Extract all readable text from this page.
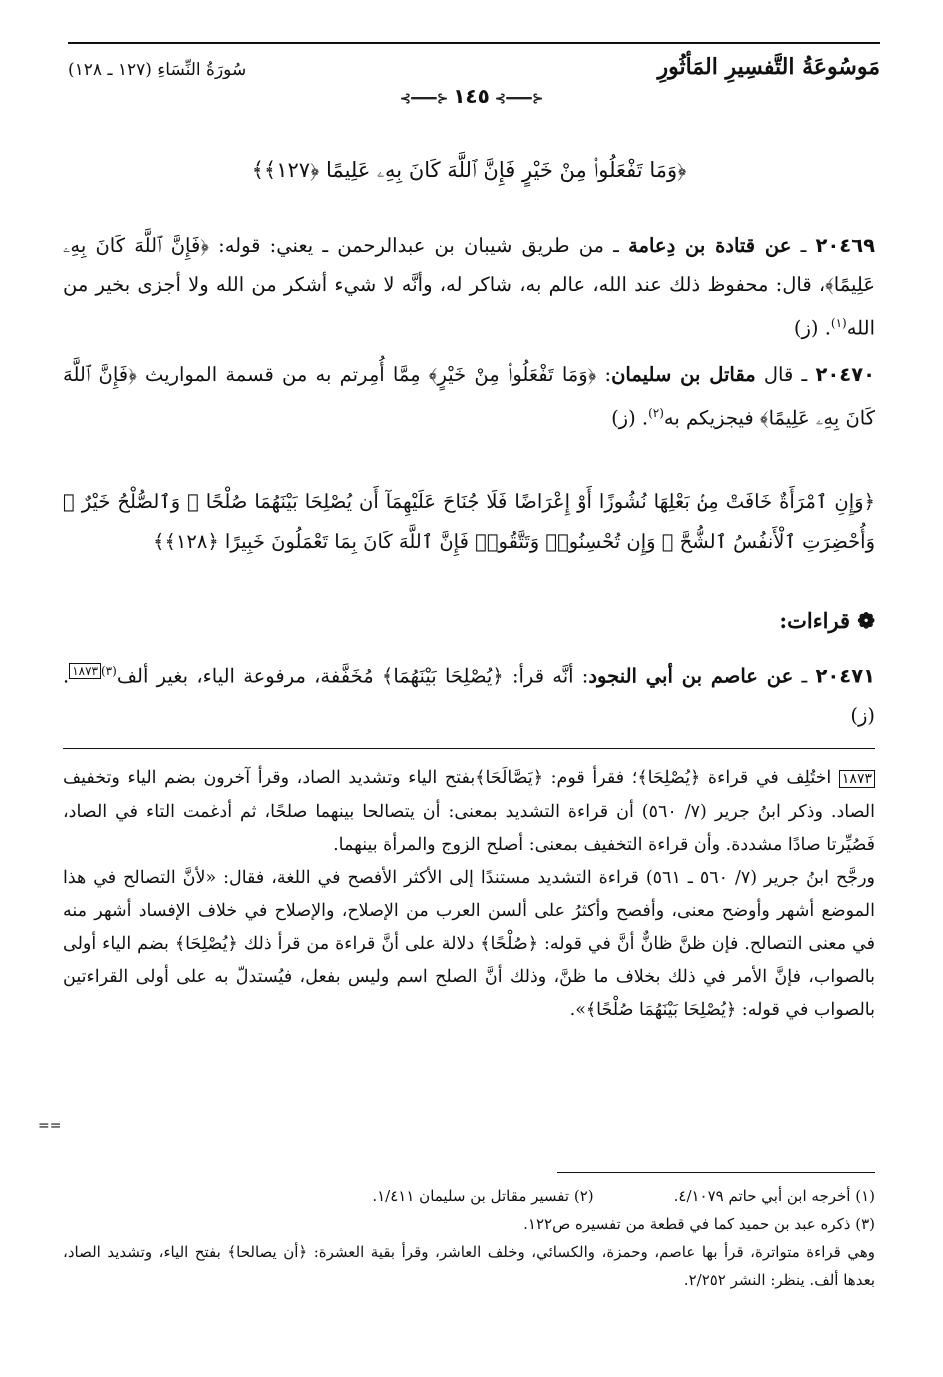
مَوسُوعَةُ التَّفسِيرِ المَأثُورِ
سُورَةُ النِّسَاءِ (١٢٧ ـ ١٢٨)
⊰━━━⊱ ١٤٥ ⊰━━━⊱
﴿وَمَا تَفْعَلُوا۟ مِنْ خَيْرٍ فَإِنَّ ٱللَّهَ كَانَ بِهِۦ عَلِيمًا ﴿١٢٧﴾﴾

٢٠٤٦٩ ـ عن قتادة بن دِعامة ـ من طريق شيبان بن عبدالرحمن ـ يعني: قوله: ﴿فَإِنَّ ٱللَّهَ كَانَ بِهِۦ عَلِيمًا﴾، قال: محفوظ ذلك عند الله، عالم به، شاكر له، وأنَّه لا شيء أشكر من الله ولا أجزى بخير من الله$^{(١)}$. (ز)

٢٠٤٧٠ ـ قال مقاتل بن سليمان: ﴿وَمَا تَفْعَلُوا۟ مِنْ خَيْرٍ﴾ مِمَّا أُمِرتم به من قسمة المواريث ﴿فَإِنَّ ٱللَّهَ كَانَ بِهِۦ عَلِيمًا﴾ فيجزيكم به$^{(٢)}$. (ز)

﴿وَإِنِ ٱمْرَأَةٌ خَافَتْ مِنۢ بَعْلِهَا نُشُوزًا أَوْ إِعْرَاضًا فَلَا جُنَاحَ عَلَيْهِمَآ أَن يُصْلِحَا بَيْنَهُمَا صُلْحًا ۚ وَٱلصُّلْحُ خَيْرٌ ۗ وَأُحْضِرَتِ ٱلْأَنفُسُ ٱلشُّحَّ ۚ وَإِن تُحْسِنُوا۟ وَتَتَّقُوا۟ فَإِنَّ ٱللَّهَ كَانَ بِمَا تَعْمَلُونَ خَبِيرًا ﴿١٢٨﴾﴾
❁ قراءات:

٢٠٤٧١ ـ عن عاصم بن أبي النجود: أنَّه قرأ: ﴿يُصْلِحَا بَيْنَهُمَا﴾ مُخَفَّفة، مرفوعة الياء، بغير ألف$^{(٣)١٨٧٣}$. (ز)

١٨٧٣ اختُلِف في قراءة ﴿يُصْلِحَا﴾؛ فقرأ قوم: ﴿يَصَّالَحَا﴾بفتح الياء وتشديد الصاد، وقرأ آخرون بضم الياء وتخفيف الصاد. وذكر ابنُ جرير (٧/ ٥٦٠) أن قراءة التشديد بمعنى: أن يتصالحا بينهما صلحًا، ثم أدغمت التاء في الصاد، فَصُيِّرتا صادًا مشددة. وأن قراءة التخفيف بمعنى: أصلح الزوج والمرأة بينهما.

ورجَّح ابنُ جرير (٧/ ٥٦٠ ـ ٥٦١) قراءة التشديد مستندًا إلى الأكثر الأفصح في اللغة، فقال: «لأنَّ التصالح في هذا الموضع أشهر وأوضح معنى، وأفصح وأكثرُ على ألسن العرب من الإصلاح، والإصلاح في خلاف الإفساد أشهر منه في معنى التصالح. فإن ظنَّ ظانٌّ أنَّ في قوله: ﴿صُلْحًا﴾ دلالة على أنَّ قراءة من قرأ ذلك ﴿يُصْلِحَا﴾ بضم الياء أولى بالصواب، فإنَّ الأمر في ذلك بخلاف ما ظنَّ، وذلك أنَّ الصلح اسم وليس بفعل، فيُستدلّ به على أولى القراءتين بالصواب في قوله: ﴿يُصْلِحَا بَيْنَهُمَا صُلْحًا﴾».

==

(١) أخرجه ابن أبي حاتم ٤/١٠٧٩.

(٢) تفسير مقاتل بن سليمان ١/٤١١.

(٣) ذكره عبد بن حميد كما في قطعة من تفسيره ص١٢٢.

وهي قراءة متواترة، قرأ بها عاصم، وحمزة، والكسائي، وخلف العاشر، وقرأ بقية العشرة: ﴿أن يصالحا﴾ بفتح الياء، وتشديد الصاد، بعدها ألف. ينظر: النشر ٢/٢٥٢.
